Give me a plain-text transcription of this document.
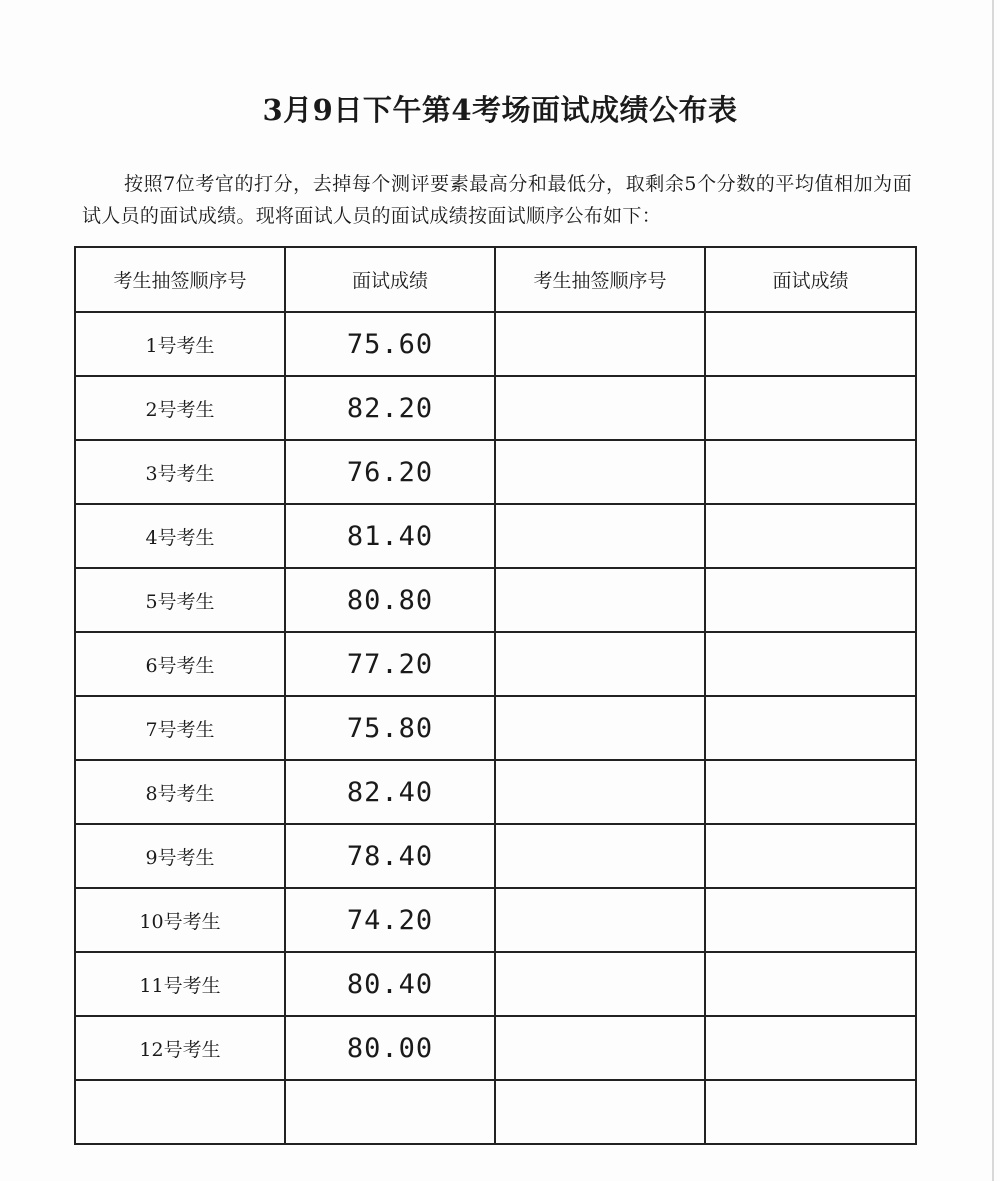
3月9日下午第4考场面试成绩公布表
按照7位考官的打分，去掉每个测评要素最高分和最低分，取剩余5个分数的平均值相加为面试人员的面试成绩。现将面试人员的面试成绩按面试顺序公布如下：
考生抽签顺序号	面试成绩	考生抽签顺序号	面试成绩
1号考生	75.60		
2号考生	82.20		
3号考生	76.20		
4号考生	81.40		
5号考生	80.80		
6号考生	77.20		
7号考生	75.80		
8号考生	82.40		
9号考生	78.40		
10号考生	74.20		
11号考生	80.40		
12号考生	80.00		
